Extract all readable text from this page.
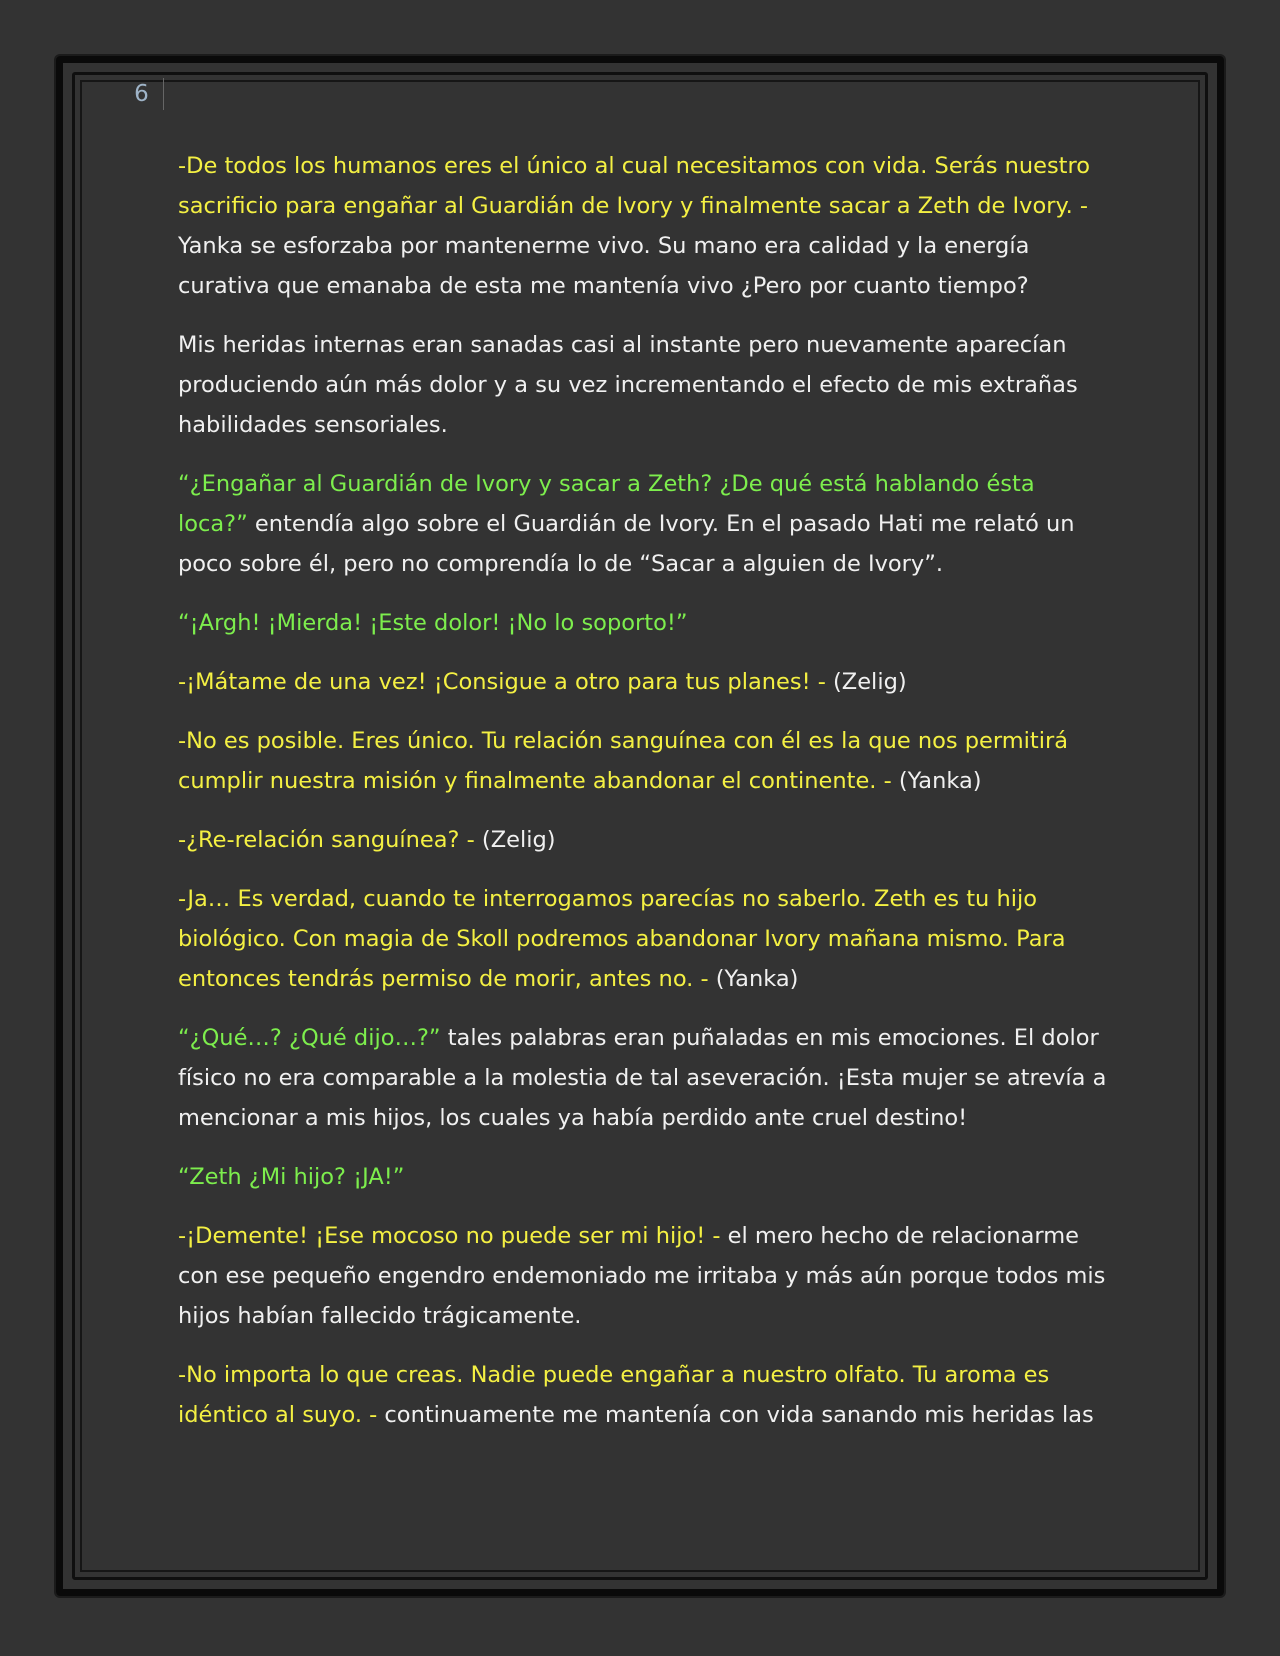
6

-De todos los humanos eres el único al cual necesitamos con vida. Serás nuestro sacrificio para engañar al Guardián de Ivory y finalmente sacar a Zeth de Ivory. - Yanka se esforzaba por mantenerme vivo. Su mano era calidad y la energía curativa que emanaba de esta me mantenía vivo ¿Pero por cuanto tiempo?

Mis heridas internas eran sanadas casi al instante pero nuevamente aparecían produciendo aún más dolor y a su vez incrementando el efecto de mis extrañas habilidades sensoriales.

“¿Engañar al Guardián de Ivory y sacar a Zeth? ¿De qué está hablando ésta loca?” entendía algo sobre el Guardián de Ivory. En el pasado Hati me relató un poco sobre él, pero no comprendía lo de “Sacar a alguien de Ivory”.

“¡Argh! ¡Mierda! ¡Este dolor! ¡No lo soporto!”

-¡Mátame de una vez! ¡Consigue a otro para tus planes! - (Zelig)

-No es posible. Eres único. Tu relación sanguínea con él es la que nos permitirá cumplir nuestra misión y finalmente abandonar el continente. - (Yanka)

-¿Re-relación sanguínea? - (Zelig)

-Ja… Es verdad, cuando te interrogamos parecías no saberlo. Zeth es tu hijo biológico. Con magia de Skoll podremos abandonar Ivory mañana mismo. Para entonces tendrás permiso de morir, antes no. - (Yanka)

“¿Qué…? ¿Qué dijo…?” tales palabras eran puñaladas en mis emociones. El dolor físico no era comparable a la molestia de tal aseveración. ¡Esta mujer se atrevía a mencionar a mis hijos, los cuales ya había perdido ante cruel destino!

“Zeth ¿Mi hijo? ¡JA!”

-¡Demente! ¡Ese mocoso no puede ser mi hijo! - el mero hecho de relacionarme con ese pequeño engendro endemoniado me irritaba y más aún porque todos mis hijos habían fallecido trágicamente.

-No importa lo que creas. Nadie puede engañar a nuestro olfato. Tu aroma es idéntico al suyo. - continuamente me mantenía con vida sanando mis heridas las
